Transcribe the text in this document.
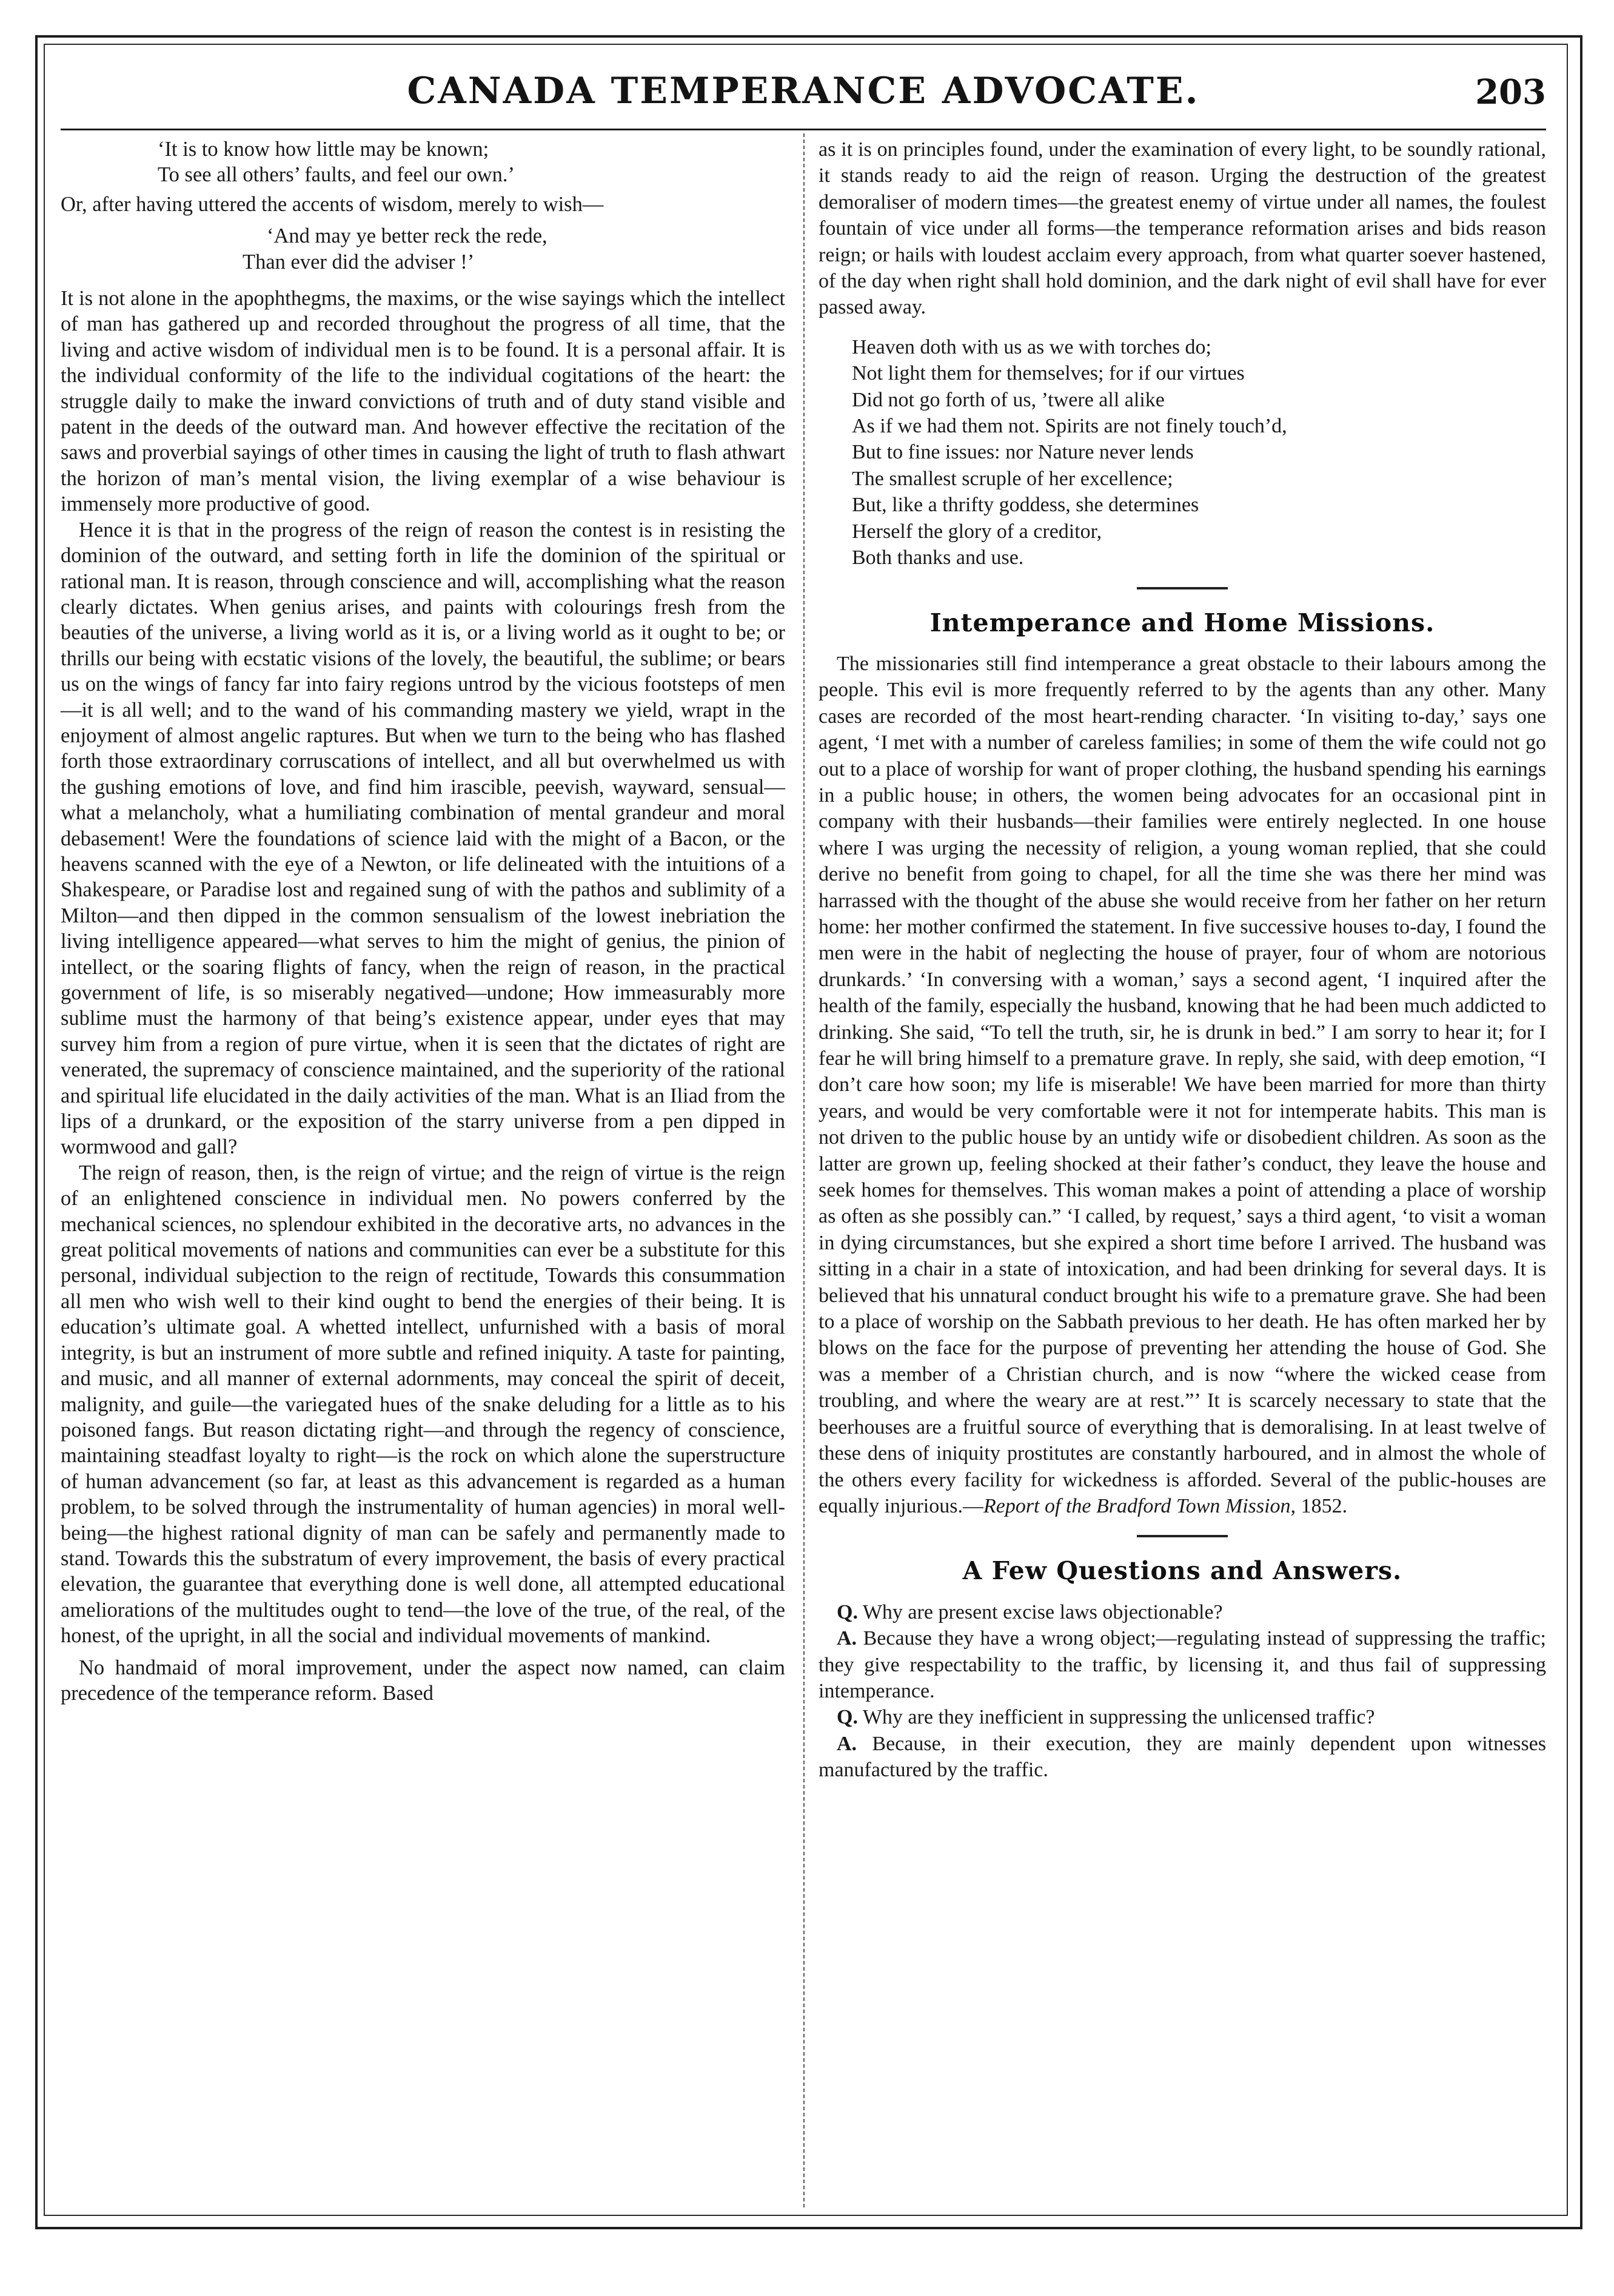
CANADA TEMPERANCE ADVOCATE.	203

‘It is to know how little may be known;

To see all others’ faults, and feel our own.’

Or, after having uttered the accents of wisdom, merely to wish—

‘And may ye better reck the rede,

Than ever did the adviser !’

It is not alone in the apophthegms, the maxims, or the wise sayings which the intellect of man has gathered up and recorded throughout the progress of all time, that the living and active wisdom of individual men is to be found. It is a personal affair. It is the individual conformity of the life to the individual cogitations of the heart: the struggle daily to make the inward convictions of truth and of duty stand visible and patent in the deeds of the outward man. And however effective the recitation of the saws and proverbial sayings of other times in causing the light of truth to flash athwart the horizon of man’s mental vision, the living exemplar of a wise behaviour is immensely more productive of good.

Hence it is that in the progress of the reign of reason the contest is in resisting the dominion of the outward, and setting forth in life the dominion of the spiritual or rational man. It is reason, through conscience and will, accomplishing what the reason clearly dictates. When genius arises, and paints with colourings fresh from the beauties of the universe, a living world as it is, or a living world as it ought to be; or thrills our being with ecstatic visions of the lovely, the beautiful, the sublime; or bears us on the wings of fancy far into fairy regions untrod by the vicious footsteps of men—it is all well; and to the wand of his commanding mastery we yield, wrapt in the enjoyment of almost angelic raptures. But when we turn to the being who has flashed forth those extraordinary corruscations of intellect, and all but overwhelmed us with the gushing emotions of love, and find him irascible, peevish, wayward, sensual—what a melancholy, what a humiliating combination of mental grandeur and moral debasement! Were the foundations of science laid with the might of a Bacon, or the heavens scanned with the eye of a Newton, or life delineated with the intuitions of a Shakespeare, or Paradise lost and regained sung of with the pathos and sublimity of a Milton—and then dipped in the common sensualism of the lowest inebriation the living intelligence appeared—what serves to him the might of genius, the pinion of intellect, or the soaring flights of fancy, when the reign of reason, in the practical government of life, is so miserably negatived—undone; How immeasurably more sublime must the harmony of that being’s existence appear, under eyes that may survey him from a region of pure virtue, when it is seen that the dictates of right are venerated, the supremacy of conscience maintained, and the superiority of the rational and spiritual life elucidated in the daily activities of the man. What is an Iliad from the lips of a drunkard, or the exposition of the starry universe from a pen dipped in wormwood and gall?

The reign of reason, then, is the reign of virtue; and the reign of virtue is the reign of an enlightened conscience in individual men. No powers conferred by the mechanical sciences, no splendour exhibited in the decorative arts, no advances in the great political movements of nations and communities can ever be a substitute for this personal, individual subjection to the reign of rectitude, Towards this consummation all men who wish well to their kind ought to bend the energies of their being. It is education’s ultimate goal. A whetted intellect, unfurnished with a basis of moral integrity, is but an instrument of more subtle and refined iniquity. A taste for painting, and music, and all manner of external adornments, may conceal the spirit of deceit, malignity, and guile—the variegated hues of the snake deluding for a little as to his poisoned fangs. But reason dictating right—and through the regency of conscience, maintaining steadfast loyalty to right—is the rock on which alone the superstructure of human advancement (so far, at least as this advancement is regarded as a human problem, to be solved through the instrumentality of human agencies) in moral well-being—the highest rational dignity of man can be safely and permanently made to stand. Towards this the substratum of every improvement, the basis of every practical elevation, the guarantee that everything done is well done, all attempted educational ameliorations of the multitudes ought to tend—the love of the true, of the real, of the honest, of the upright, in all the social and individual movements of mankind.

No handmaid of moral improvement, under the aspect now named, can claim precedence of the temperance reform. Based

as it is on principles found, under the examination of every light, to be soundly rational, it stands ready to aid the reign of reason. Urging the destruction of the greatest demoraliser of modern times—the greatest enemy of virtue under all names, the foulest fountain of vice under all forms—the temperance reformation arises and bids reason reign; or hails with loudest acclaim every approach, from what quarter soever hastened, of the day when right shall hold dominion, and the dark night of evil shall have for ever passed away.

Heaven doth with us as we with torches do;
Not light them for themselves; for if our virtues
Did not go forth of us, ’twere all alike
As if we had them not. Spirits are not finely touch’d,
But to fine issues: nor Nature never lends
The smallest scruple of her excellence;
But, like a thrifty goddess, she determines
Herself the glory of a creditor,
Both thanks and use.
Intemperance and Home Missions.

The missionaries still find intemperance a great obstacle to their labours among the people. This evil is more frequently referred to by the agents than any other. Many cases are recorded of the most heart-rending character. ‘In visiting to-day,’ says one agent, ‘I met with a number of careless families; in some of them the wife could not go out to a place of worship for want of proper clothing, the husband spending his earnings in a public house; in others, the women being advocates for an occasional pint in company with their husbands—their families were entirely neglected. In one house where I was urging the necessity of religion, a young woman replied, that she could derive no benefit from going to chapel, for all the time she was there her mind was harrassed with the thought of the abuse she would receive from her father on her return home: her mother confirmed the statement. In five successive houses to-day, I found the men were in the habit of neglecting the house of prayer, four of whom are notorious drunkards.’ ‘In conversing with a woman,’ says a second agent, ‘I inquired after the health of the family, especially the husband, knowing that he had been much addicted to drinking. She said, “To tell the truth, sir, he is drunk in bed.” I am sorry to hear it; for I fear he will bring himself to a premature grave. In reply, she said, with deep emotion, “I don’t care how soon; my life is miserable! We have been married for more than thirty years, and would be very comfortable were it not for intemperate habits. This man is not driven to the public house by an untidy wife or disobedient children. As soon as the latter are grown up, feeling shocked at their father’s conduct, they leave the house and seek homes for themselves. This woman makes a point of attending a place of worship as often as she possibly can.” ‘I called, by request,’ says a third agent, ‘to visit a woman in dying circumstances, but she expired a short time before I arrived. The husband was sitting in a chair in a state of intoxication, and had been drinking for several days. It is believed that his unnatural conduct brought his wife to a premature grave. She had been to a place of worship on the Sabbath previous to her death. He has often marked her by blows on the face for the purpose of preventing her attending the house of God. She was a member of a Christian church, and is now “where the wicked cease from troubling, and where the weary are at rest.”’ It is scarcely necessary to state that the beerhouses are a fruitful source of everything that is demoralising. In at least twelve of these dens of iniquity prostitutes are constantly harboured, and in almost the whole of the others every facility for wickedness is afforded. Several of the public-houses are equally injurious.—Report of the Bradford Town Mission, 1852.

A Few Questions and Answers.

Q. Why are present excise laws objectionable?

A. Because they have a wrong object;—regulating instead of suppressing the traffic; they give respectability to the traffic, by licensing it, and thus fail of suppressing intemperance.

Q. Why are they inefficient in suppressing the unlicensed traffic?

A. Because, in their execution, they are mainly dependent upon witnesses manufactured by the traffic.
